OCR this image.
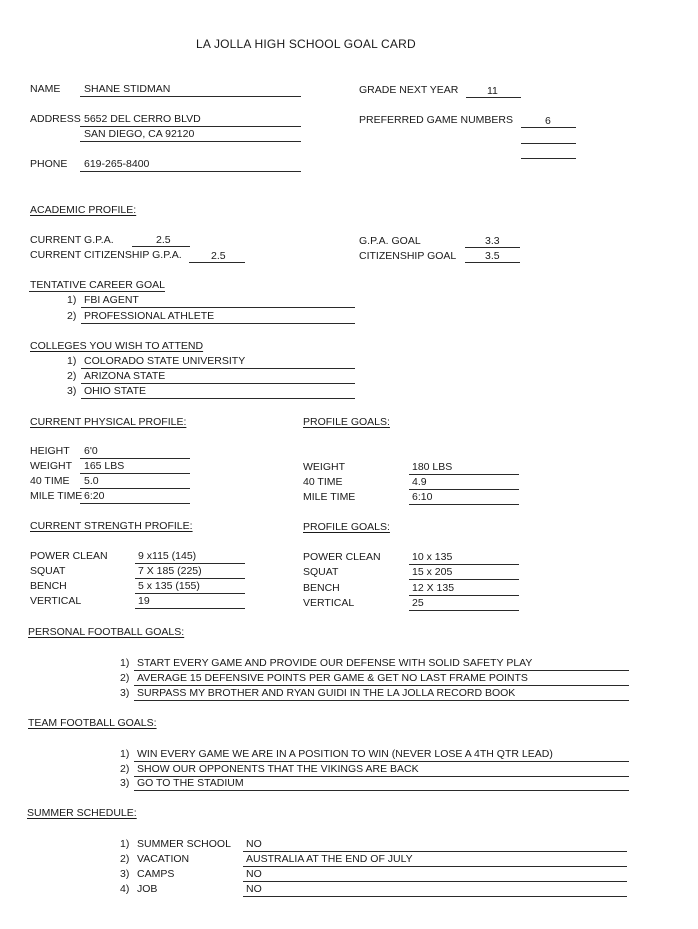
LA JOLLA HIGH SCHOOL GOAL CARD
NAME SHANE STIDMAN	GRADE NEXT YEAR	11
ADDRESS 5652 DEL CERRO BLVD
SAN DIEGO, CA 92120
PREFERRED GAME NUMBERS	6
PHONE 619-265-8400
ACADEMIC PROFILE:
CURRENT G.P.A.	2.5
CURRENT CITIZENSHIP G.P.A.	2.5
G.P.A. GOAL	3.3
CITIZENSHIP GOAL	3.5
TENTATIVE CAREER GOAL
1) FBI AGENT
2) PROFESSIONAL ATHLETE
COLLEGES YOU WISH TO ATTEND
1) COLORADO STATE UNIVERSITY
2) ARIZONA STATE
3) OHIO STATE
CURRENT PHYSICAL PROFILE:	PROFILE GOALS:
HEIGHT 6'0
WEIGHT 165 LBS
40 TIME 5.0
MILE TIME 6:20
WEIGHT	180 LBS
40 TIME	4.9
MILE TIME	6:10
CURRENT STRENGTH PROFILE:	PROFILE GOALS:
POWER CLEAN	9 x115 (145)
SQUAT	7 X 185 (225)
BENCH	5 x 135 (155)
VERTICAL	19
POWER CLEAN	10 x 135
SQUAT	15 x 205
BENCH	12 X 135
VERTICAL	25
PERSONAL FOOTBALL GOALS:
1) START EVERY GAME AND PROVIDE OUR DEFENSE WITH SOLID SAFETY PLAY
2) AVERAGE 15 DEFENSIVE POINTS PER GAME & GET NO LAST FRAME POINTS
3) SURPASS MY BROTHER AND RYAN GUIDI IN THE LA JOLLA RECORD BOOK
TEAM FOOTBALL GOALS:
1) WIN EVERY GAME WE ARE IN A POSITION TO WIN (NEVER LOSE A 4TH QTR LEAD)
2) SHOW OUR OPPONENTS THAT THE VIKINGS ARE BACK
3) GO TO THE STADIUM
SUMMER SCHEDULE:
1) SUMMER SCHOOL NO
2) VACATION	AUSTRALIA AT THE END OF JULY
3) CAMPS	NO
4) JOB	NO
